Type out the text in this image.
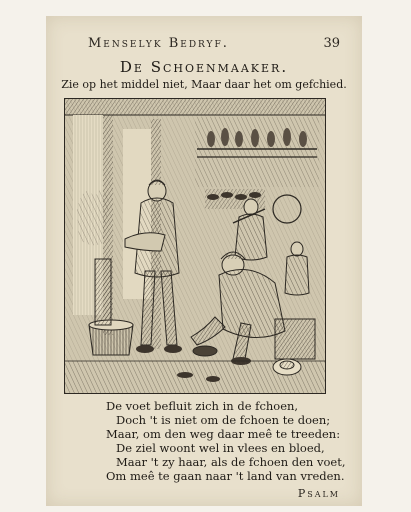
Menselyk Bedryf.	39
De Schoenmaaker.
Zie op het middel niet, Maar daar het om gefchied.
De voet befluit zich in de fchoen,
Doch 't is niet om de fchoen te doen;
Maar, om den weg daar meê te treeden:
De ziel woont wel in vlees en bloed,
Maar 't zy haar, als de fchoen den voet,
Om meê te gaan naar 't land van vreden.
Psalm
